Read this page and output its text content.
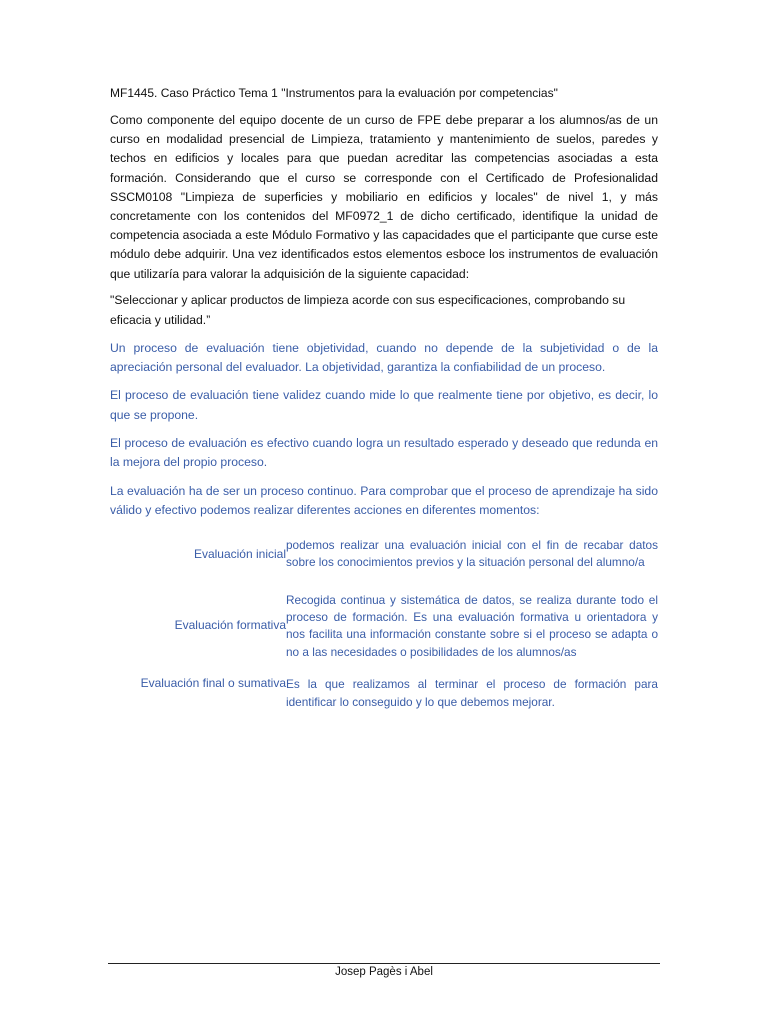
MF1445. Caso Práctico Tema 1 "Instrumentos para la evaluación por competencias"

Como componente del equipo docente de un curso de FPE debe preparar a los alumnos/as de un curso en modalidad presencial de Limpieza, tratamiento y mantenimiento de suelos, paredes y techos en edificios y locales para que puedan acreditar las competencias asociadas a esta formación. Considerando que el curso se corresponde con el Certificado de Profesionalidad SSCM0108 "Limpieza de superficies y mobiliario en edificios y locales" de nivel 1, y más concretamente con los contenidos del MF0972_1 de dicho certificado, identifique la unidad de competencia asociada a este Módulo Formativo y las capacidades que el participante que curse este módulo debe adquirir. Una vez identificados estos elementos esboce los instrumentos de evaluación que utilizaría para valorar la adquisición de la siguiente capacidad:

"Seleccionar y aplicar productos de limpieza acorde con sus especificaciones, comprobando su eficacia y utilidad.”

Un proceso de evaluación tiene objetividad, cuando no depende de la subjetividad o de la apreciación personal del evaluador. La objetividad, garantiza la confiabilidad de un proceso.

El proceso de evaluación tiene validez cuando mide lo que realmente tiene por objetivo, es decir, lo que se propone.

El proceso de evaluación es efectivo cuando logra un resultado esperado y deseado que redunda en la mejora del propio proceso.

La evaluación ha de ser un proceso continuo. Para comprobar que el proceso de aprendizaje ha sido válido y efectivo podemos realizar diferentes acciones en diferentes momentos:

Evaluación inicial	podemos realizar una evaluación inicial con el fin de recabar datos sobre los conocimientos previos y la situación personal del alumno/a
Evaluación formativa	Recogida continua y sistemática de datos, se realiza durante todo el proceso de formación. Es una evaluación formativa u orientadora y nos facilita una información constante sobre si el proceso se adapta o no a las necesidades o posibilidades de los alumnos/as
Evaluación final o sumativa	Es la que realizamos al terminar el proceso de formación para identificar lo conseguido y lo que debemos mejorar.
Josep Pagès i Abel
